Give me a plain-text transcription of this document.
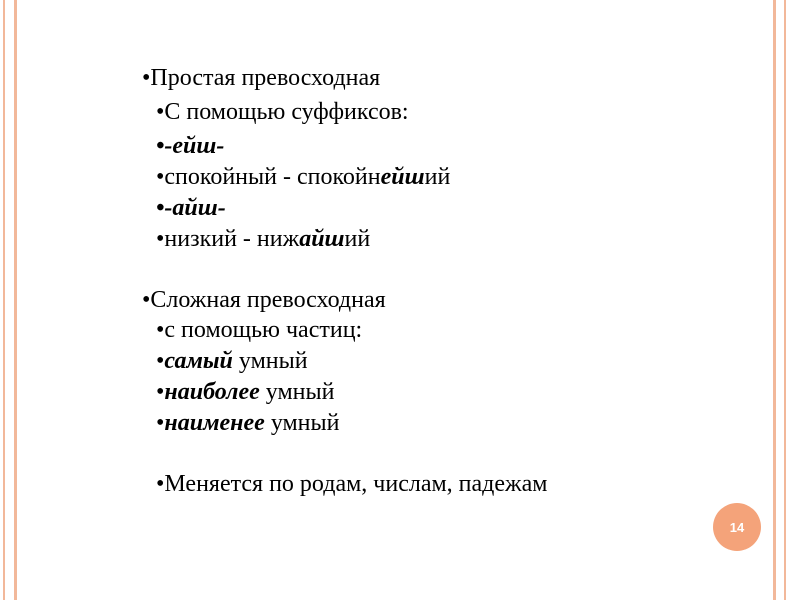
•Простая превосходная
•С помощью суффиксов:
•-ейш-
•спокойный - спокойнейший
•-айш-
•низкий - нижайший
•Сложная превосходная
•с помощью частиц:
•самый умный
•наиболее умный
•наименее умный
•Меняется по родам, числам, падежам
14
